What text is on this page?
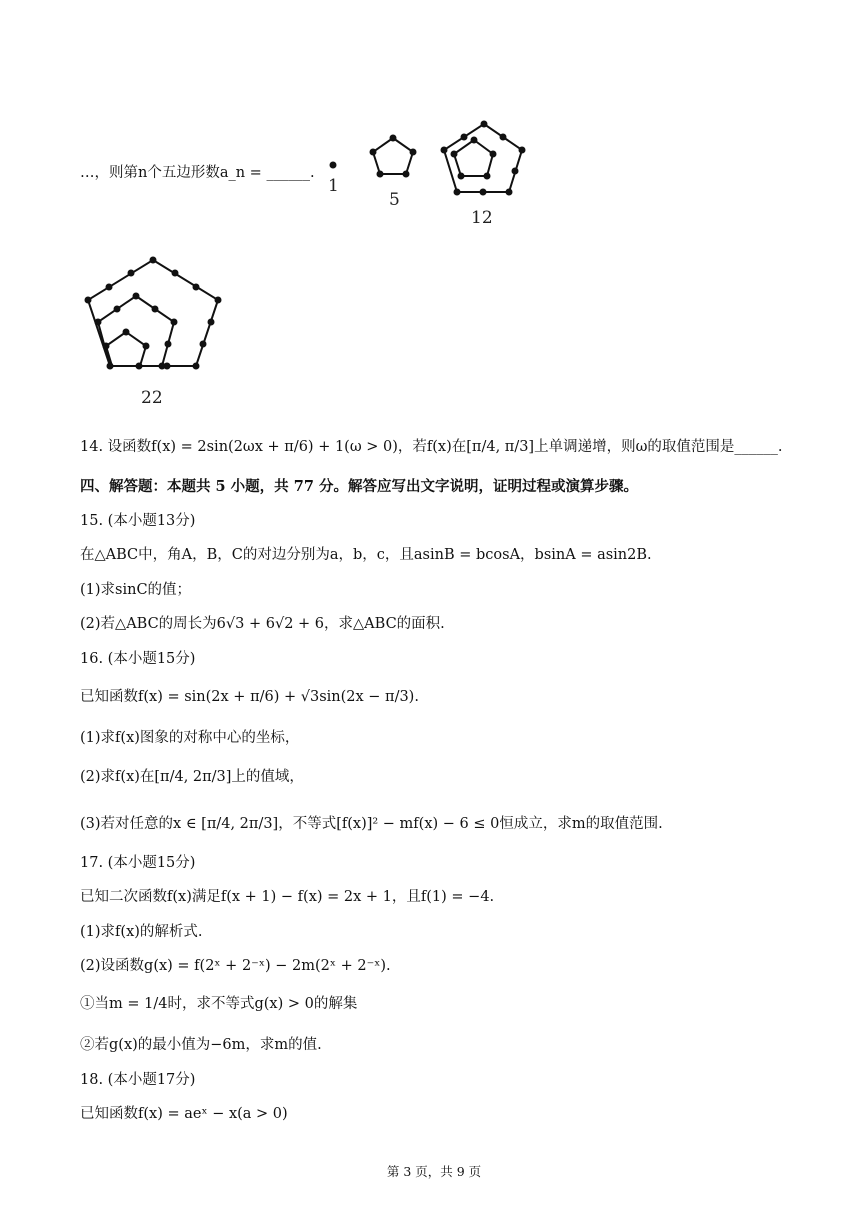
…，则第n个五边形数a_n = ______.
1
5
12
22
14. 设函数f(x) = 2sin(2ωx + π/6) + 1(ω > 0)，若f(x)在[π/4, π/3]上单调递增，则ω的取值范围是______.
四、解答题：本题共 5 小题，共 77 分。解答应写出文字说明，证明过程或演算步骤。
15. (本小题13分)
在△ABC中，角A，B，C的对边分别为a，b，c，且asinB = bcosA，bsinA = asin2B.
(1)求sinC的值；
(2)若△ABC的周长为6√3 + 6√2 + 6，求△ABC的面积.
16. (本小题15分)
已知函数f(x) = sin(2x + π/6) + √3sin(2x − π/3).
(1)求f(x)图象的对称中心的坐标，
(2)求f(x)在[π/4, 2π/3]上的值域，
(3)若对任意的x ∈ [π/4, 2π/3]，不等式[f(x)]² − mf(x) − 6 ≤ 0恒成立，求m的取值范围.
17. (本小题15分)
已知二次函数f(x)满足f(x + 1) − f(x) = 2x + 1，且f(1) = −4.
(1)求f(x)的解析式.
(2)设函数g(x) = f(2ˣ + 2⁻ˣ) − 2m(2ˣ + 2⁻ˣ).
①当m = 1/4时，求不等式g(x) > 0的解集
②若g(x)的最小值为−6m，求m的值.
18. (本小题17分)
已知函数f(x) = aeˣ − x(a > 0)
第 3 页，共 9 页
